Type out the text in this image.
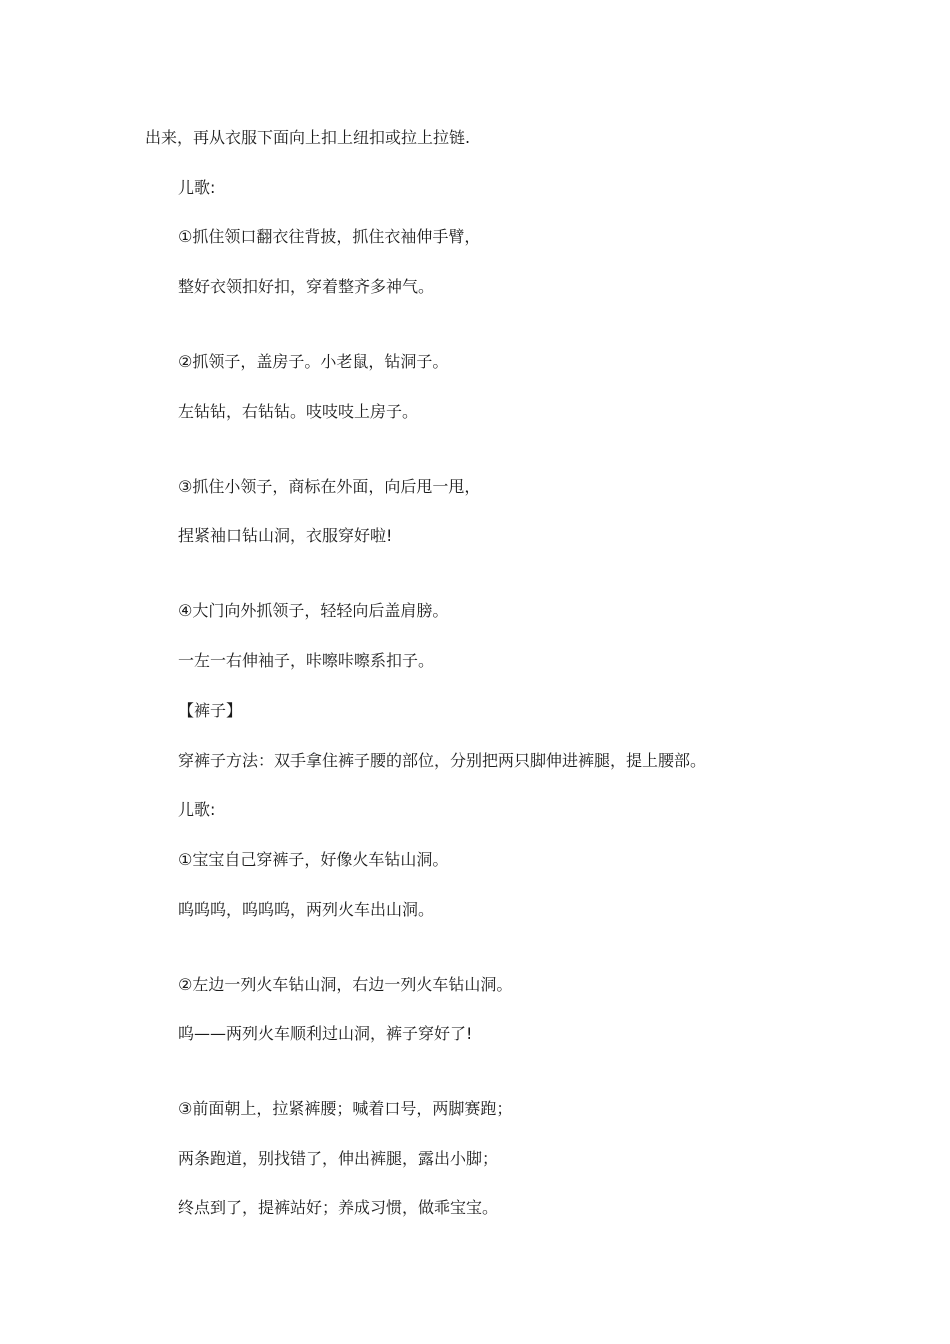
出来，再从衣服下面向上扣上纽扣或拉上拉链.
儿歌:
①抓住领口翻衣往背披，抓住衣袖伸手臂，
整好衣领扣好扣，穿着整齐多神气。
②抓领子，盖房子。小老鼠，钻洞子。
左钻钻，右钻钻。吱吱吱上房子。
③抓住小领子，商标在外面，向后甩一甩，
捏紧袖口钻山洞，衣服穿好啦!
④大门向外抓领子，轻轻向后盖肩膀。
一左一右伸袖子，咔嚓咔嚓系扣子。
【裤子】
穿裤子方法：双手拿住裤子腰的部位，分别把两只脚伸进裤腿，提上腰部。
儿歌:
①宝宝自己穿裤子，好像火车钻山洞。
呜呜呜，呜呜呜，两列火车出山洞。
②左边一列火车钻山洞，右边一列火车钻山洞。
呜——两列火车顺利过山洞，裤子穿好了!
③前面朝上，拉紧裤腰；喊着口号，两脚赛跑；
两条跑道，别找错了，伸出裤腿，露出小脚；
终点到了，提裤站好；养成习惯，做乖宝宝。
